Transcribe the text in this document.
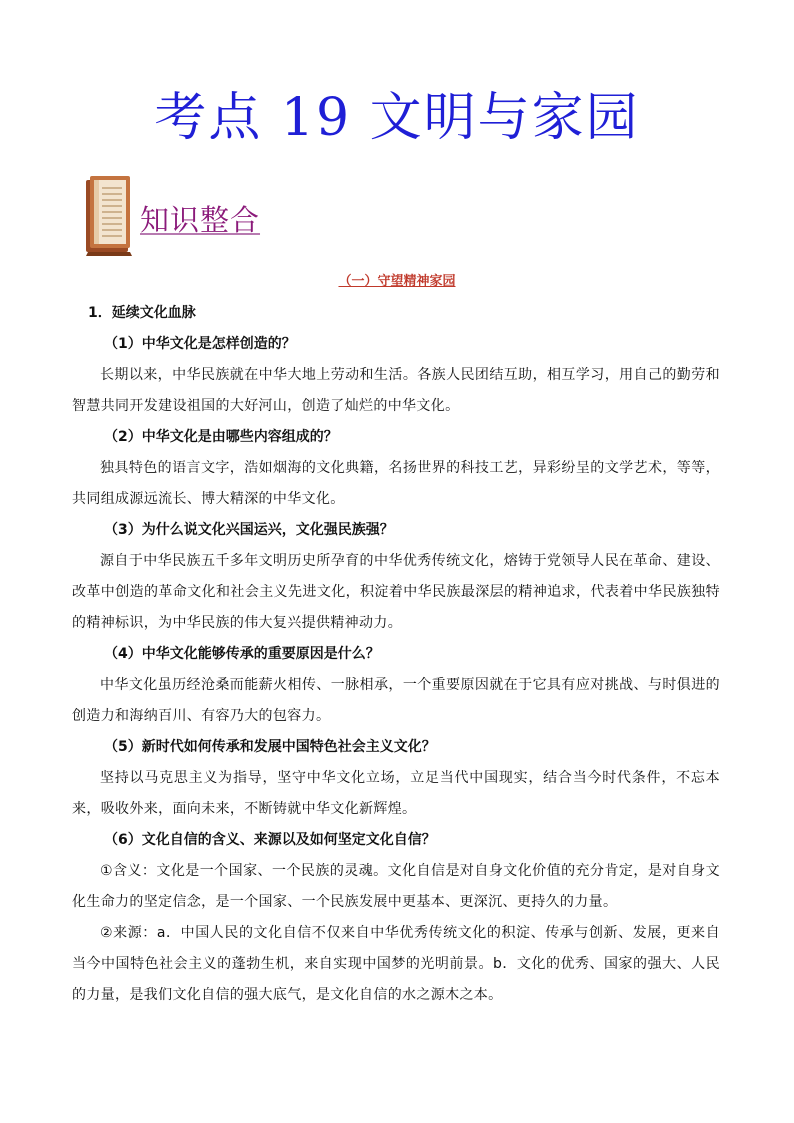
考点 19 文明与家园
知识整合
（一）守望精神家园

1．延续文化血脉

（1）中华文化是怎样创造的？

长期以来，中华民族就在中华大地上劳动和生活。各族人民团结互助，相互学习，用自己的勤劳和智慧共同开发建设祖国的大好河山，创造了灿烂的中华文化。

（2）中华文化是由哪些内容组成的？

独具特色的语言文字，浩如烟海的文化典籍，名扬世界的科技工艺，异彩纷呈的文学艺术，等等，共同组成源远流长、博大精深的中华文化。

（3）为什么说文化兴国运兴，文化强民族强？

源自于中华民族五千多年文明历史所孕育的中华优秀传统文化，熔铸于党领导人民在革命、建设、改革中创造的革命文化和社会主义先进文化，积淀着中华民族最深层的精神追求，代表着中华民族独特的精神标识，为中华民族的伟大复兴提供精神动力。

（4）中华文化能够传承的重要原因是什么？

中华文化虽历经沧桑而能薪火相传、一脉相承，一个重要原因就在于它具有应对挑战、与时俱进的创造力和海纳百川、有容乃大的包容力。

（5）新时代如何传承和发展中国特色社会主义文化？

坚持以马克思主义为指导，坚守中华文化立场，立足当代中国现实，结合当今时代条件，不忘本来，吸收外来，面向未来，不断铸就中华文化新辉煌。

（6）文化自信的含义、来源以及如何坚定文化自信？

①含义：文化是一个国家、一个民族的灵魂。文化自信是对自身文化价值的充分肯定，是对自身文化生命力的坚定信念，是一个国家、一个民族发展中更基本、更深沉、更持久的力量。

②来源：a．中国人民的文化自信不仅来自中华优秀传统文化的积淀、传承与创新、发展，更来自当今中国特色社会主义的蓬勃生机，来自实现中国梦的光明前景。b．文化的优秀、国家的强大、人民的力量，是我们文化自信的强大底气，是文化自信的水之源木之本。
